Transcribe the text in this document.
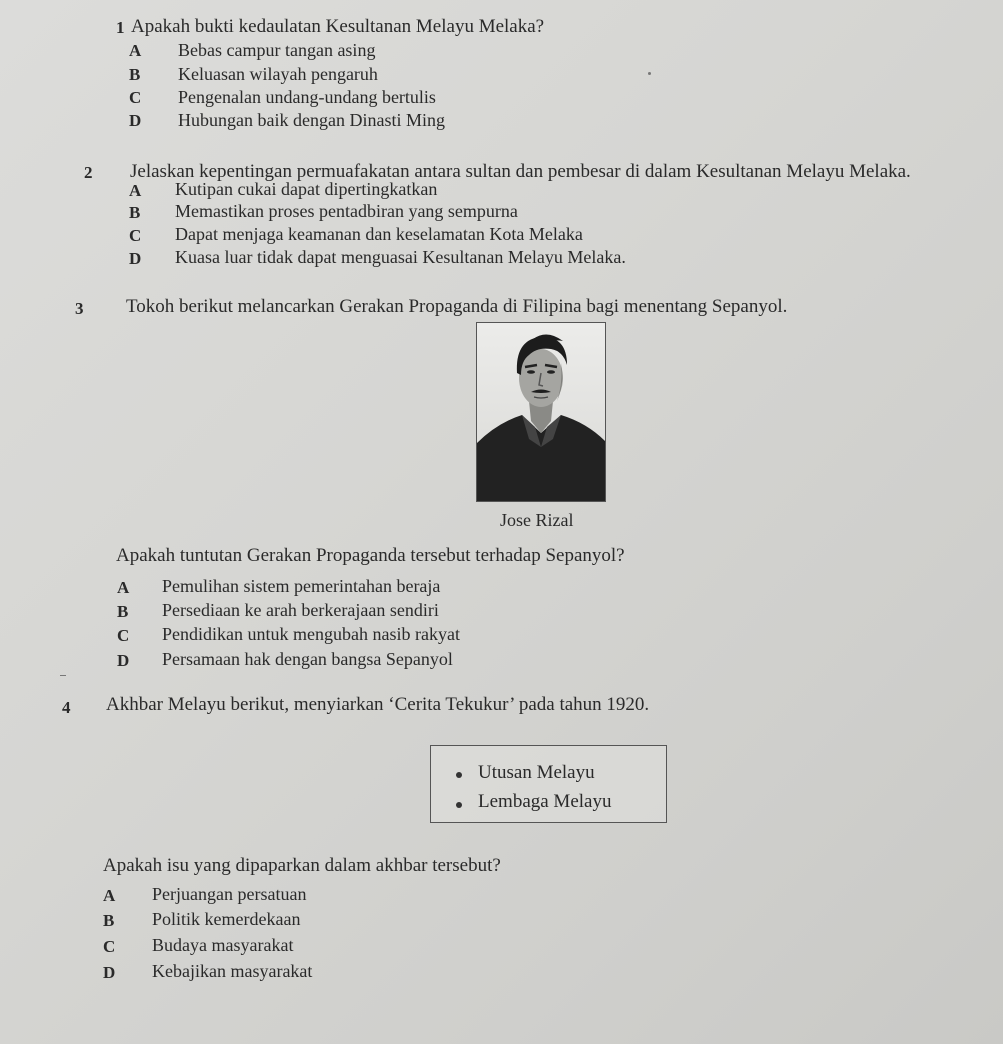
1 Apakah bukti kedaulatan Kesultanan Melayu Melaka?
A Bebas campur tangan asing
B Keluasan wilayah pengaruh
C Pengenalan undang-undang bertulis
D Hubungan baik dengan Dinasti Ming
2 Jelaskan kepentingan permuafakatan antara sultan dan pembesar di dalam Kesultanan Melayu Melaka.
A Kutipan cukai dapat dipertingkatkan
B Memastikan proses pentadbiran yang sempurna
C Dapat menjaga keamanan dan keselamatan Kota Melaka
D Kuasa luar tidak dapat menguasai Kesultanan Melayu Melaka.
3 Tokoh berikut melancarkan Gerakan Propaganda di Filipina bagi menentang Sepanyol.
Jose Rizal
Apakah tuntutan Gerakan Propaganda tersebut terhadap Sepanyol?
A Pemulihan sistem pemerintahan beraja
B Persediaan ke arah berkerajaan sendiri
C Pendidikan untuk mengubah nasib rakyat
D Persamaan hak dengan bangsa Sepanyol
4 Akhbar Melayu berikut, menyiarkan ‘Cerita Tekukur’ pada tahun 1920.
Utusan Melayu
Lembaga Melayu
Apakah isu yang dipaparkan dalam akhbar tersebut?
A Perjuangan persatuan
B Politik kemerdekaan
C Budaya masyarakat
D Kebajikan masyarakat
